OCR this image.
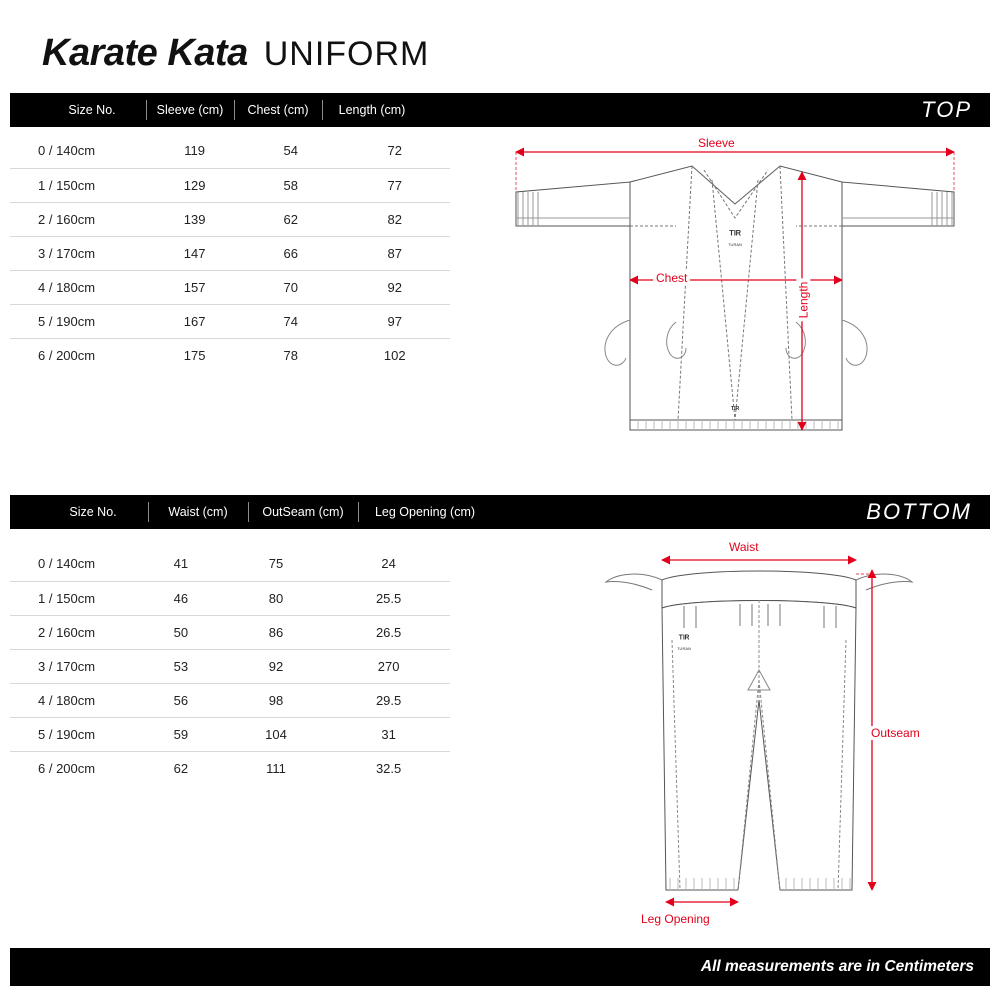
Karate Kata UNIFORM
Size No.	Sleeve (cm)	Chest (cm)	Length (cm)	TOP
0 / 140cm	119	54	72
1 / 150cm	129	58	77
2 / 160cm	139	62	82
3 / 170cm	147	66	87
4 / 180cm	157	70	92
5 / 190cm	167	74	97
6 / 200cm	175	78	102
ᵀᴵᴿ
TURAN
ᵀᴵᴿ
Sleeve
Chest
Length
Size No.	Waist (cm)	OutSeam (cm)	Leg Opening (cm)	BOTTOM
0 / 140cm	41	75	24
1 / 150cm	46	80	25.5
2 / 160cm	50	86	26.5
3 / 170cm	53	92	270
4 / 180cm	56	98	29.5
5 / 190cm	59	104	31
6 / 200cm	62	111	32.5
ᵀᴵᴿ
TURAN
Waist
Outseam
Leg Opening
All measurements are in Centimeters
